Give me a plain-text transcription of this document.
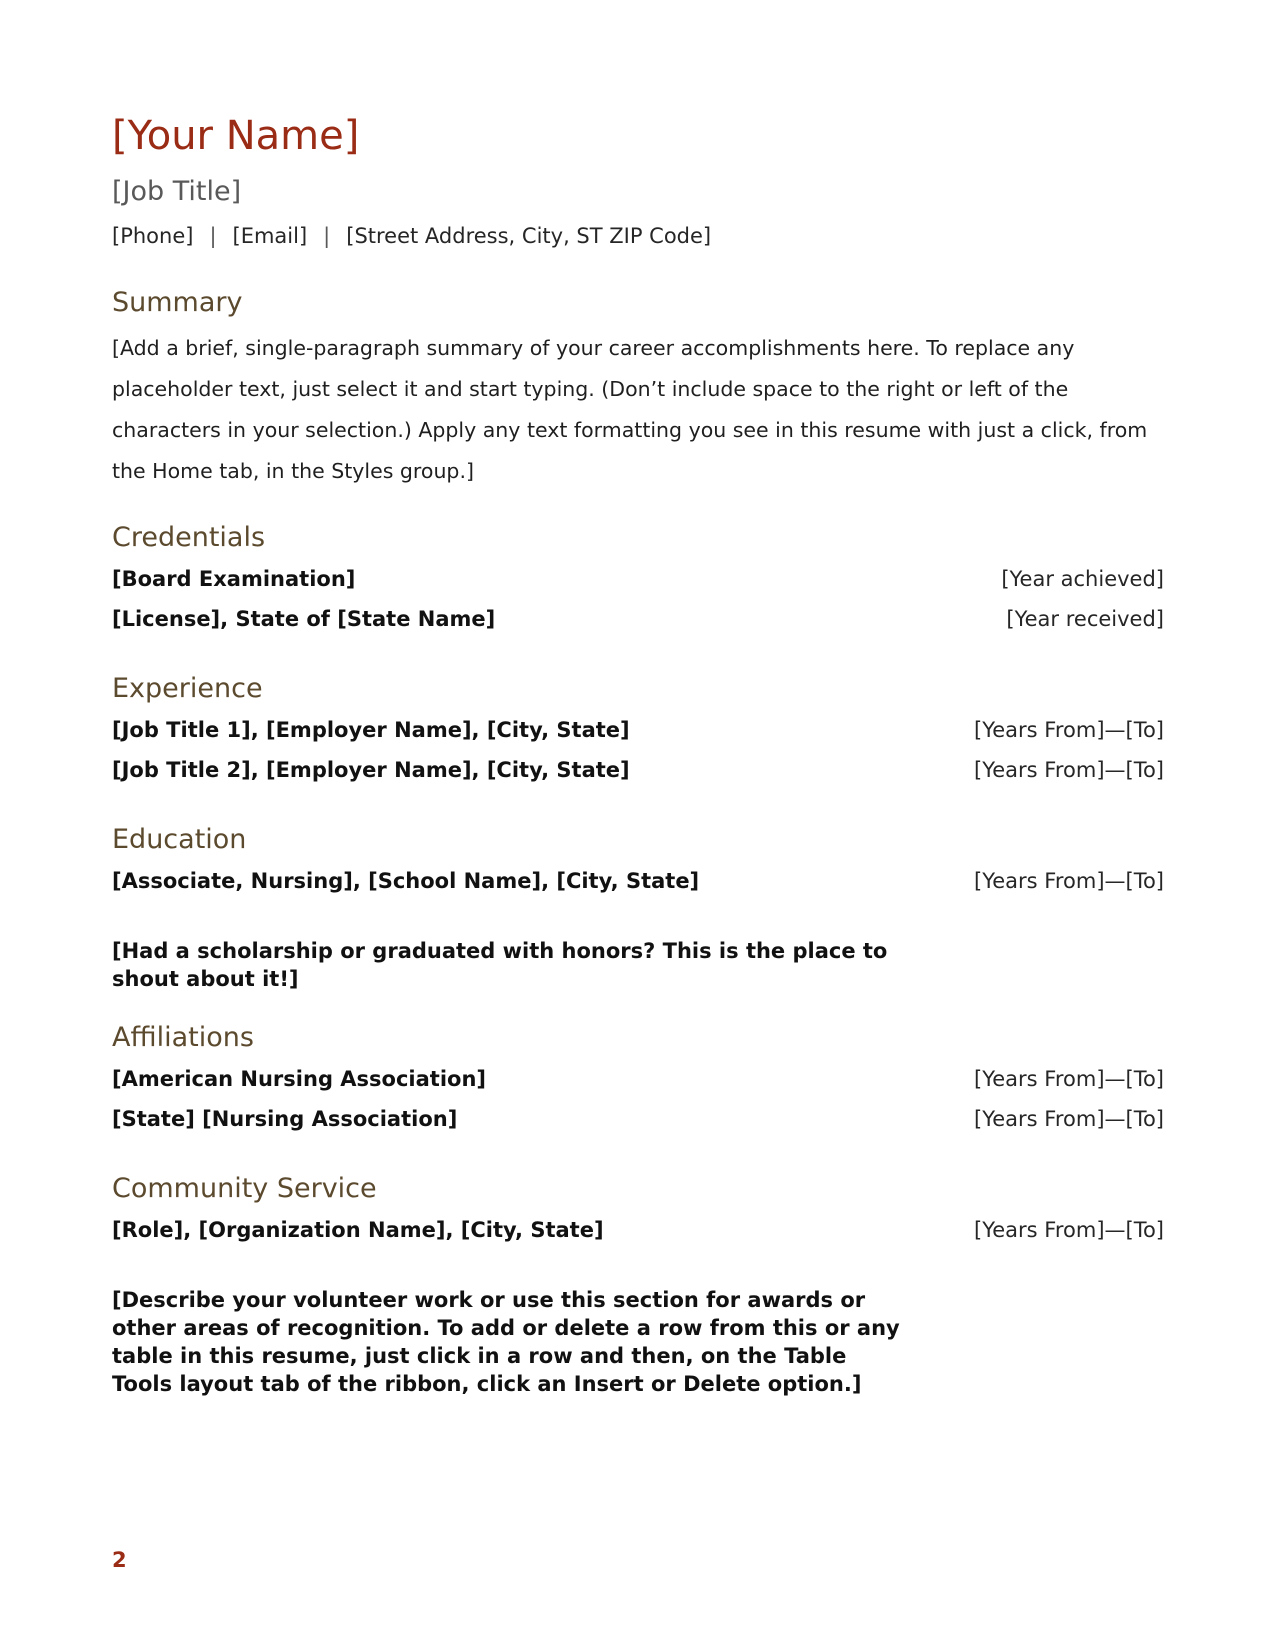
[Your Name]
[Job Title]
[Phone] | [Email] | [Street Address, City, ST ZIP Code]
Summary
[Add a brief, single-paragraph summary of your career accomplishments here. To replace any placeholder text, just select it and start typing. (Don’t include space to the right or left of the characters in your selection.) Apply any text formatting you see in this resume with just a click, from the Home tab, in the Styles group.]
Credentials
[Board Examination]	[Year achieved]
[License], State of [State Name]	[Year received]
Experience
[Job Title 1], [Employer Name], [City, State]	[Years From]—[To]
[Job Title 2], [Employer Name], [City, State]	[Years From]—[To]
Education
[Associate, Nursing], [School Name], [City, State]	[Years From]—[To]
[Had a scholarship or graduated with honors? This is the place to shout about it!]
Affiliations
[American Nursing Association]	[Years From]—[To]
[State] [Nursing Association]	[Years From]—[To]
Community Service
[Role], [Organization Name], [City, State]	[Years From]—[To]
[Describe your volunteer work or use this section for awards or other areas of recognition. To add or delete a row from this or any table in this resume, just click in a row and then, on the Table Tools layout tab of the ribbon, click an Insert or Delete option.]
2
